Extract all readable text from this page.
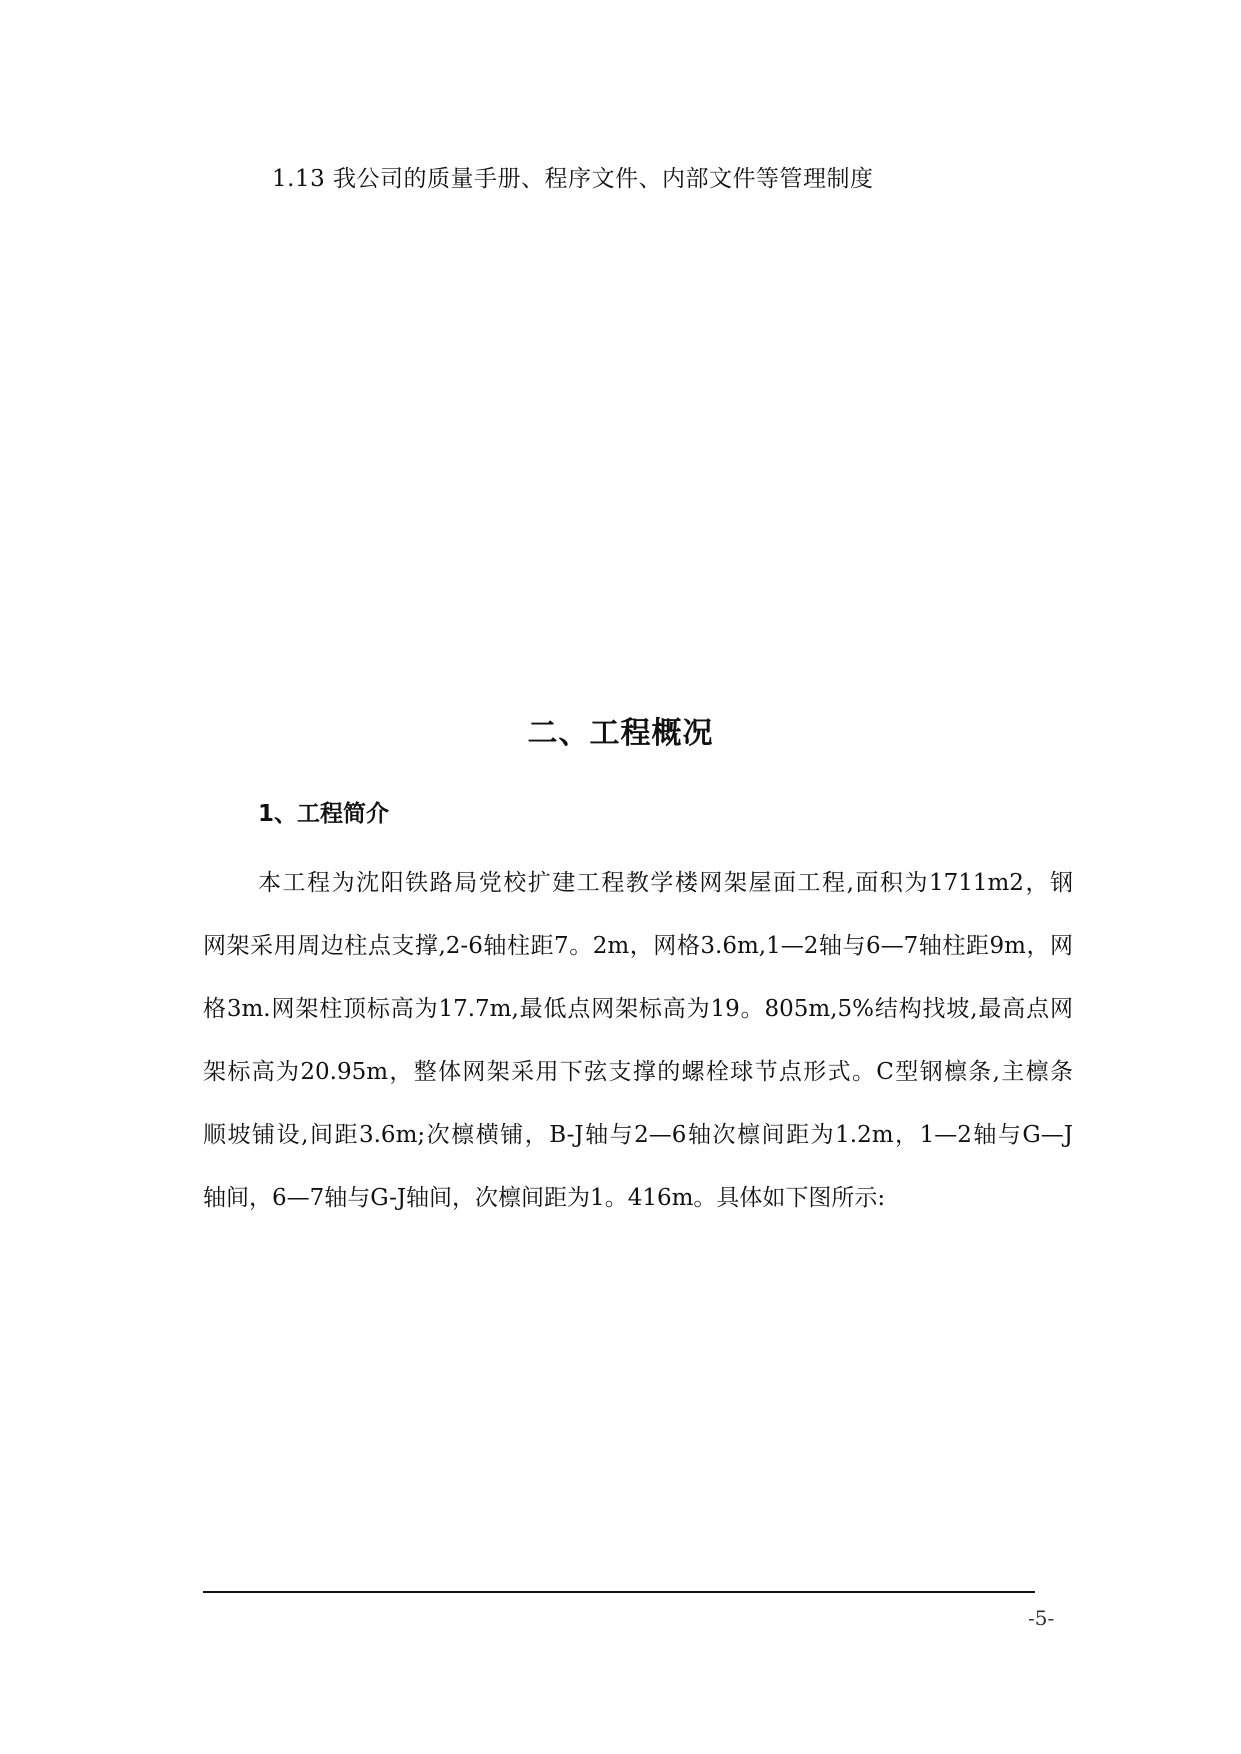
1.13 我公司的质量手册、程序文件、内部文件等管理制度
二、工程概况
1、工程简介
本工程为沈阳铁路局党校扩建工程教学楼网架屋面工程,面积为1711m2，钢
网架采用周边柱点支撑,2-6轴柱距7。2m，网格3.6m,1—2轴与6—7轴柱距9m，网
格3m.网架柱顶标高为17.7m,最低点网架标高为19。805m,5%结构找坡,最高点网
架标高为20.95m，整体网架采用下弦支撑的螺栓球节点形式。C型钢檩条,主檩条
顺坡铺设,间距3.6m;次檩横铺，B-J轴与2—6轴次檩间距为1.2m，1—2轴与G—J
轴间，6—7轴与G-J轴间，次檩间距为1。416m。具体如下图所示:
-5-
